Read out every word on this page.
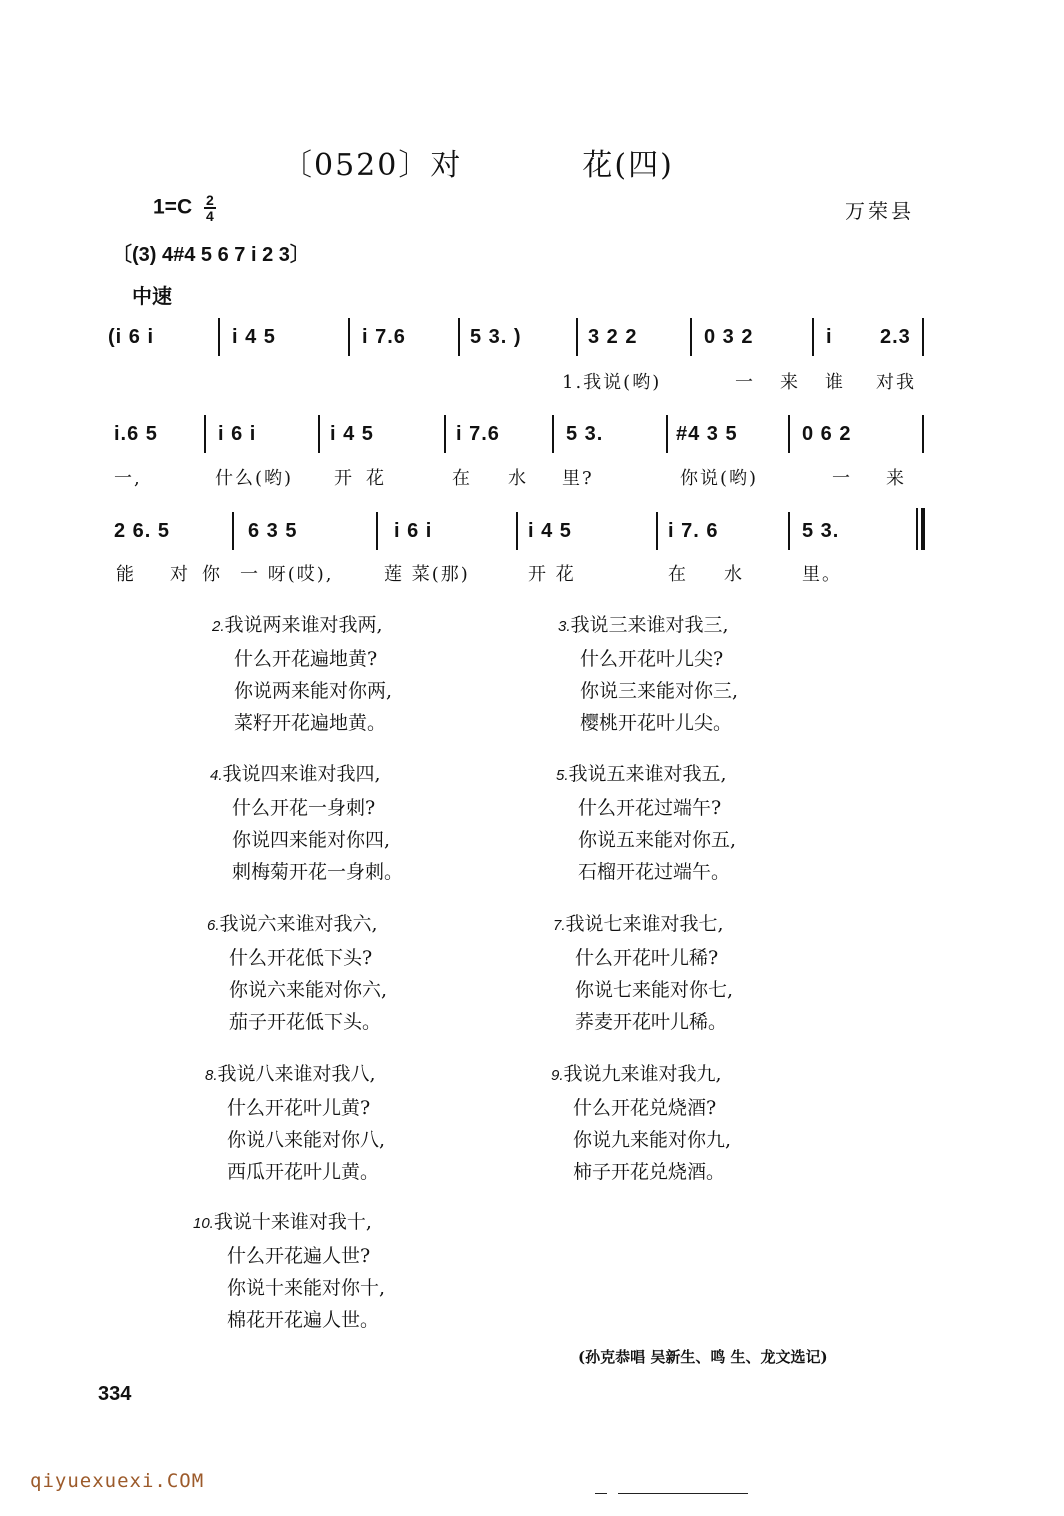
〔0520〕对	花(四)
$1=C \frac{2}{4}$	万荣县
〔(3) 4#4 5 6 7 i 2 3〕
中速
(i 6 i	i 4 5	i 7.6	5 3. )	3 2 2	0 3 2	i 2.3
1.我说(哟)	一 来 谁 对我
i.6 5	i 6 i	i 4 5	i 7.6	5 3.	#4 3 5	0 6 2
一,	什么(哟) 开 花	在 水 里?	你说(哟)	一 来
2 6. 5	6 3 5	i 6 i	i 4 5	i 7. 6	5 3.
能 对 你 一 呀(哎),	莲 菜(那)	开 花	在 水	里。
2.我说两来谁对我两,
什么开花遍地黄?
你说两来能对你两,
菜籽开花遍地黄。
3.我说三来谁对我三,
什么开花叶儿尖?
你说三来能对你三,
樱桃开花叶儿尖。
4.我说四来谁对我四,
什么开花一身刺?
你说四来能对你四,
刺梅菊开花一身刺。
5.我说五来谁对我五,
什么开花过端午?
你说五来能对你五,
石榴开花过端午。
6.我说六来谁对我六,
什么开花低下头?
你说六来能对你六,
茄子开花低下头。
7.我说七来谁对我七,
什么开花叶儿稀?
你说七来能对你七,
荞麦开花叶儿稀。
8.我说八来谁对我八,
什么开花叶儿黄?
你说八来能对你八,
西瓜开花叶儿黄。
9.我说九来谁对我九,
什么开花兑烧酒?
你说九来能对你九,
柿子开花兑烧酒。
10.我说十来谁对我十,
什么开花遍人世?
你说十来能对你十,
棉花开花遍人世。
(孙克恭唱 吴新生、鸣 生、龙文选记)
334
qiyuexuexi.COM
